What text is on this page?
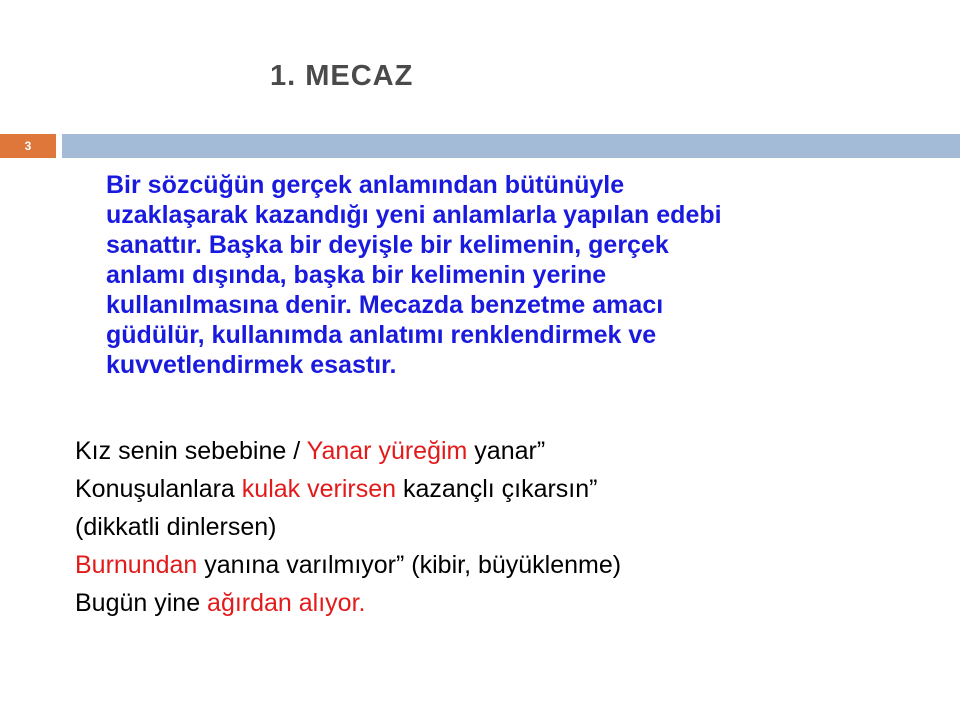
1. MECAZ
3
Bir sözcüğün gerçek anlamından bütünüyle
uzaklaşarak kazandığı yeni anlamlarla yapılan edebi
sanattır. Başka bir deyişle bir kelimenin, gerçek
anlamı dışında, başka bir kelimenin yerine
kullanılmasına denir. Mecazda benzetme amacı
güdülür, kullanımda anlatımı renklendirmek ve
kuvvetlendirmek esastır.
Kız senin sebebine / Yanar yüreğim yanar”
Konuşulanlara kulak verirsen kazançlı çıkarsın”
(dikkatli dinlersen)
Burnundan yanına varılmıyor” (kibir, büyüklenme)
Bugün yine ağırdan alıyor.
